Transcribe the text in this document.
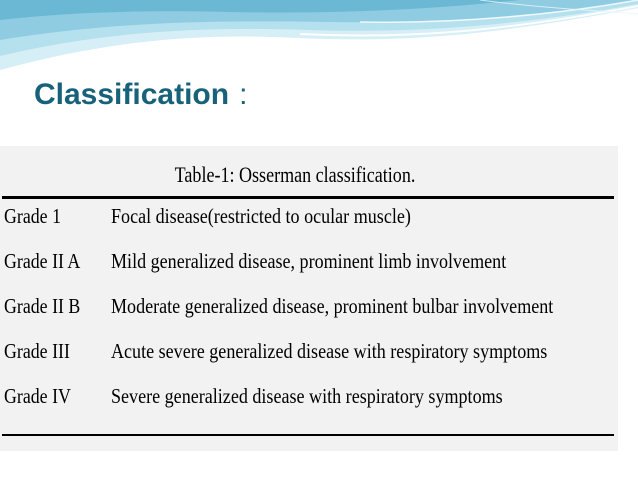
Classification :
Table-1: Osserman classification.
Grade 1 Focal disease(restricted to ocular muscle)
Grade II A Mild generalized disease, prominent limb involvement
Grade II B Moderate generalized disease, prominent bulbar involvement
Grade III Acute severe generalized disease with respiratory symptoms
Grade IV Severe generalized disease with respiratory symptoms
